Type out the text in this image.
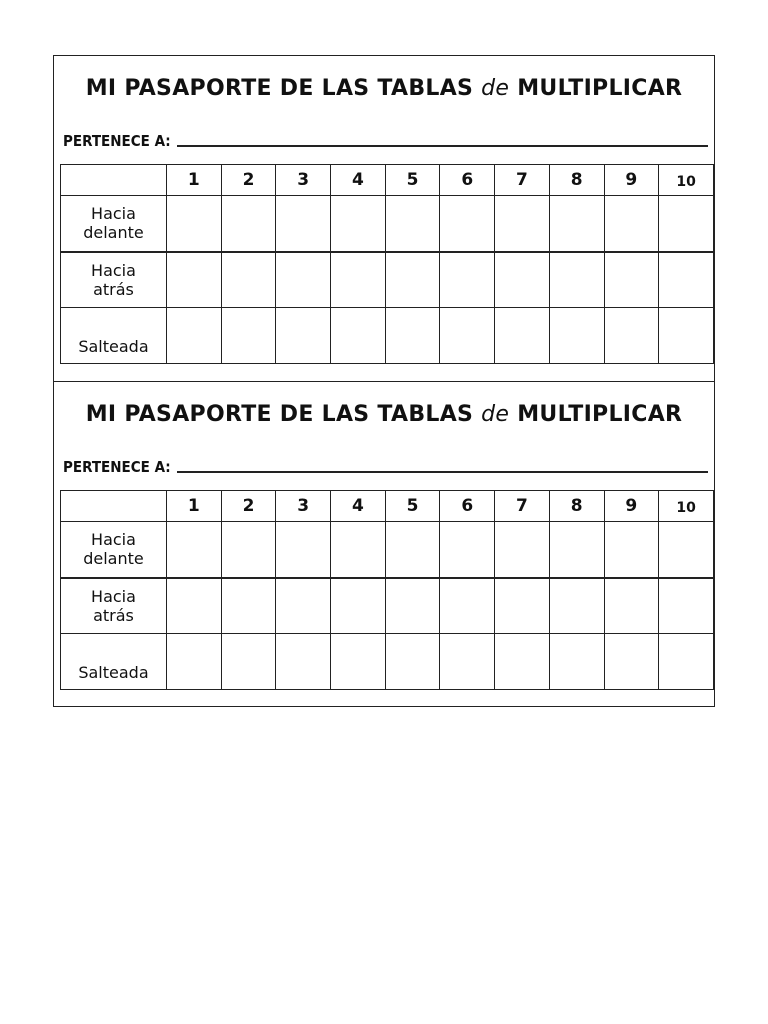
MI PASAPORTE DE LAS TABLAS de MULTIPLICAR
PERTENECE A:
	1	2	3	4	5	6	7	8	9	10

Hacia
delante										

Hacia
atrás										

Salteada										

MI PASAPORTE DE LAS TABLAS de MULTIPLICAR
PERTENECE A:
	1	2	3	4	5	6	7	8	9	10

Hacia
delante										

Hacia
atrás										

Salteada										
